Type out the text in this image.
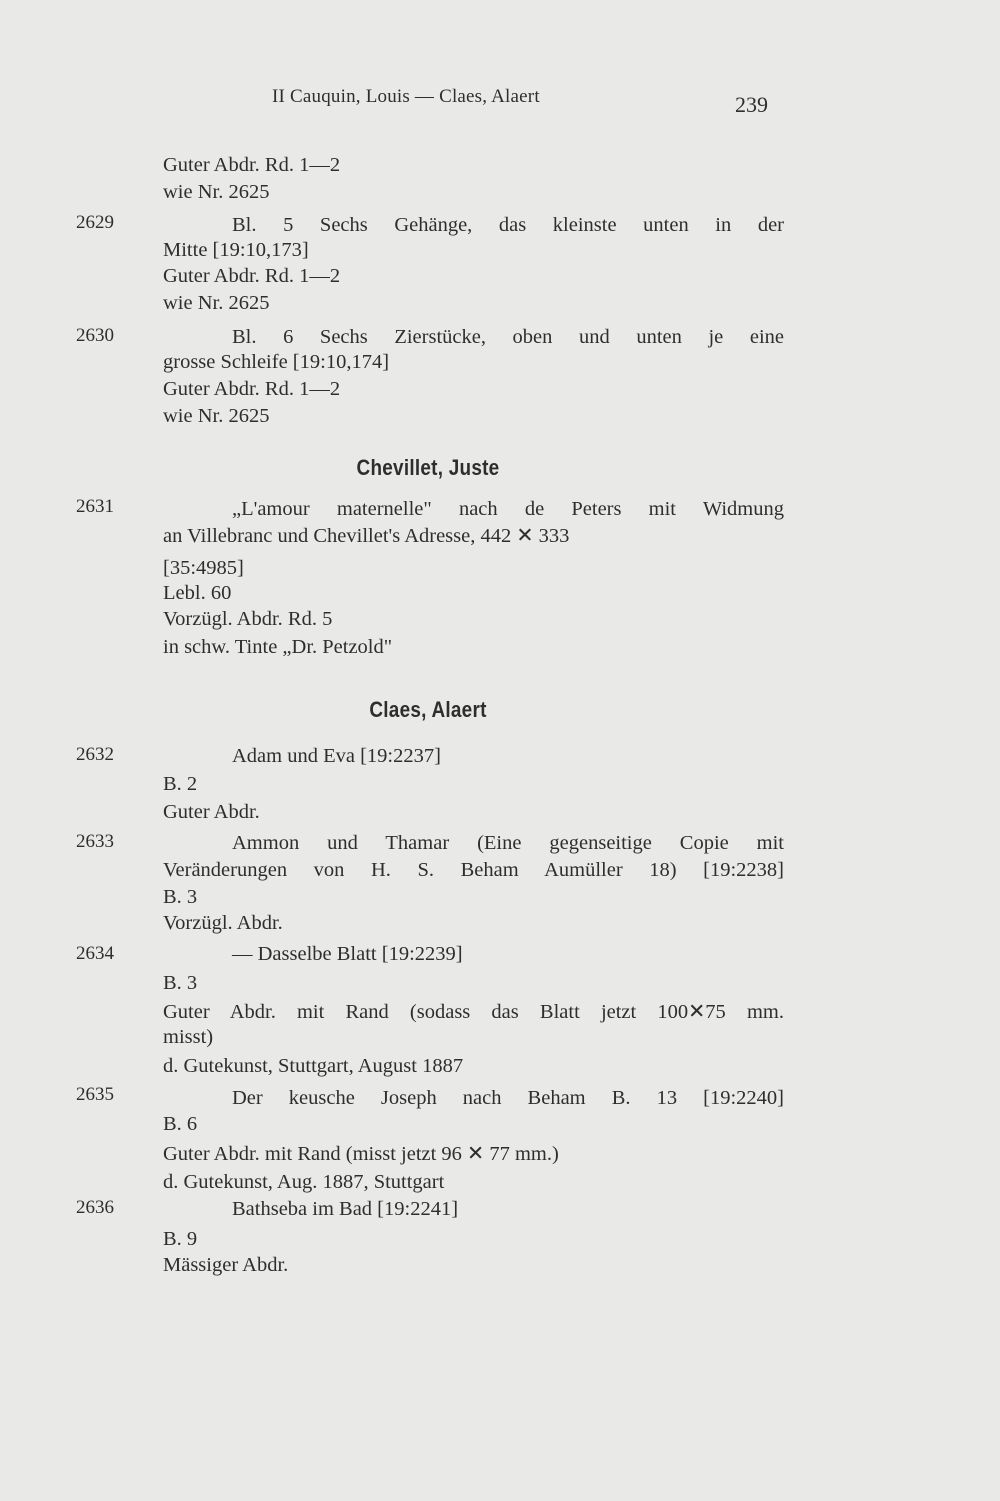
II Cauquin, Louis — Claes, Alaert	239
Guter Abdr. Rd. 1—2
wie Nr. 2625
2629	Bl. 5 Sechs Gehänge, das kleinste unten in der
Mitte [19:10,173]
Guter Abdr. Rd. 1—2
wie Nr. 2625
2630	Bl. 6 Sechs Zierstücke, oben und unten je eine
grosse Schleife [19:10,174]
Guter Abdr. Rd. 1—2
wie Nr. 2625
Chevillet, Juste
2631	„L'amour maternelle" nach de Peters mit Widmung
an Villebranc und Chevillet's Adresse, 442 ✕ 333
[35:4985]
Lebl. 60
Vorzügl. Abdr. Rd. 5
in schw. Tinte „Dr. Petzold"
Claes, Alaert
2632	Adam und Eva [19:2237]
B. 2
Guter Abdr.
2633	Ammon und Thamar (Eine gegenseitige Copie mit
Veränderungen von H. S. Beham Aumüller 18) [19:2238]
B. 3
Vorzügl. Abdr.
2634	— Dasselbe Blatt [19:2239]
B. 3
Guter Abdr. mit Rand (sodass das Blatt jetzt 100✕75 mm.
misst)
d. Gutekunst, Stuttgart, August 1887
2635	Der keusche Joseph nach Beham B. 13 [19:2240]
B. 6
Guter Abdr. mit Rand (misst jetzt 96 ✕ 77 mm.)
d. Gutekunst, Aug. 1887, Stuttgart
2636	Bathseba im Bad [19:2241]
B. 9
Mässiger Abdr.
